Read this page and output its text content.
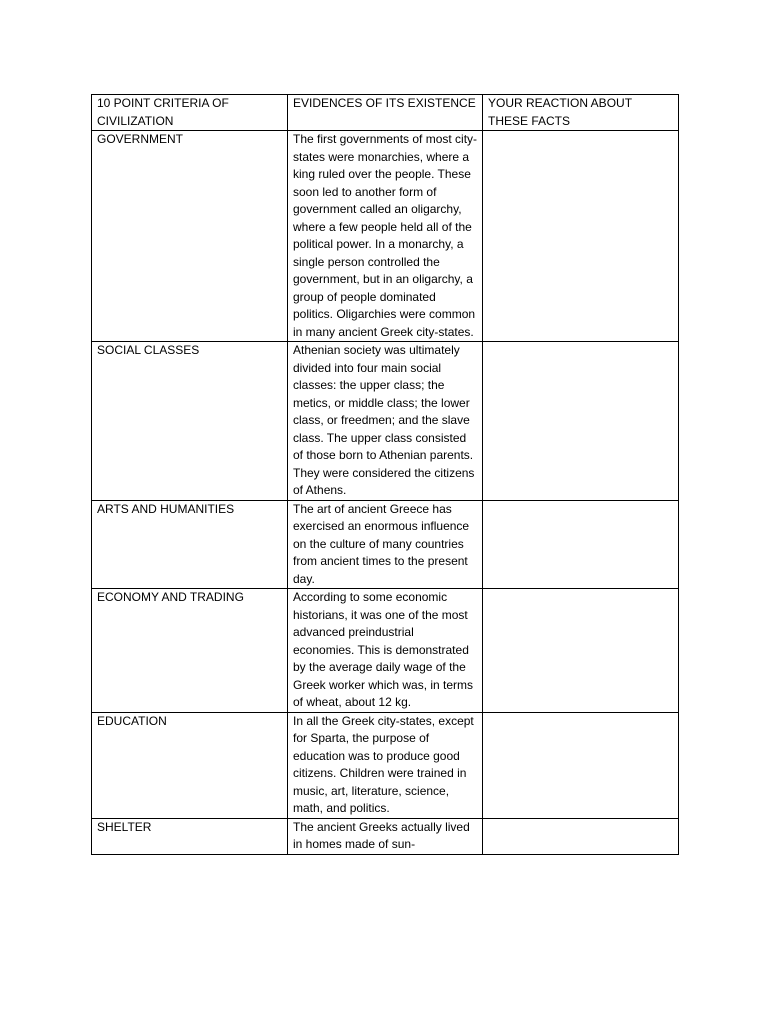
10 POINT CRITERIA OF CIVILIZATION	EVIDENCES OF ITS EXISTENCE	YOUR REACTION ABOUT THESE FACTS
GOVERNMENT	The first governments of most city-states were monarchies, where a king ruled over the people. These soon led to another form of government called an oligarchy, where a few people held all of the political power. In a monarchy, a single person controlled the government, but in an oligarchy, a group of people dominated politics. Oligarchies were common in many ancient Greek city-states.	
SOCIAL CLASSES	Athenian society was ultimately divided into four main social classes: the upper class; the metics, or middle class; the lower class, or freedmen; and the slave class. The upper class consisted of those born to Athenian parents. They were considered the citizens of Athens.	
ARTS AND HUMANITIES	The art of ancient Greece has exercised an enormous influence on the culture of many countries from ancient times to the present day.	
ECONOMY AND TRADING	According to some economic historians, it was one of the most advanced preindustrial economies. This is demonstrated by the average daily wage of the Greek worker which was, in terms of wheat, about 12 kg.	
EDUCATION	In all the Greek city-states, except for Sparta, the purpose of education was to produce good citizens. Children were trained in music, art, literature, science, math, and politics.	
SHELTER	The ancient Greeks actually lived in homes made of sun-	
